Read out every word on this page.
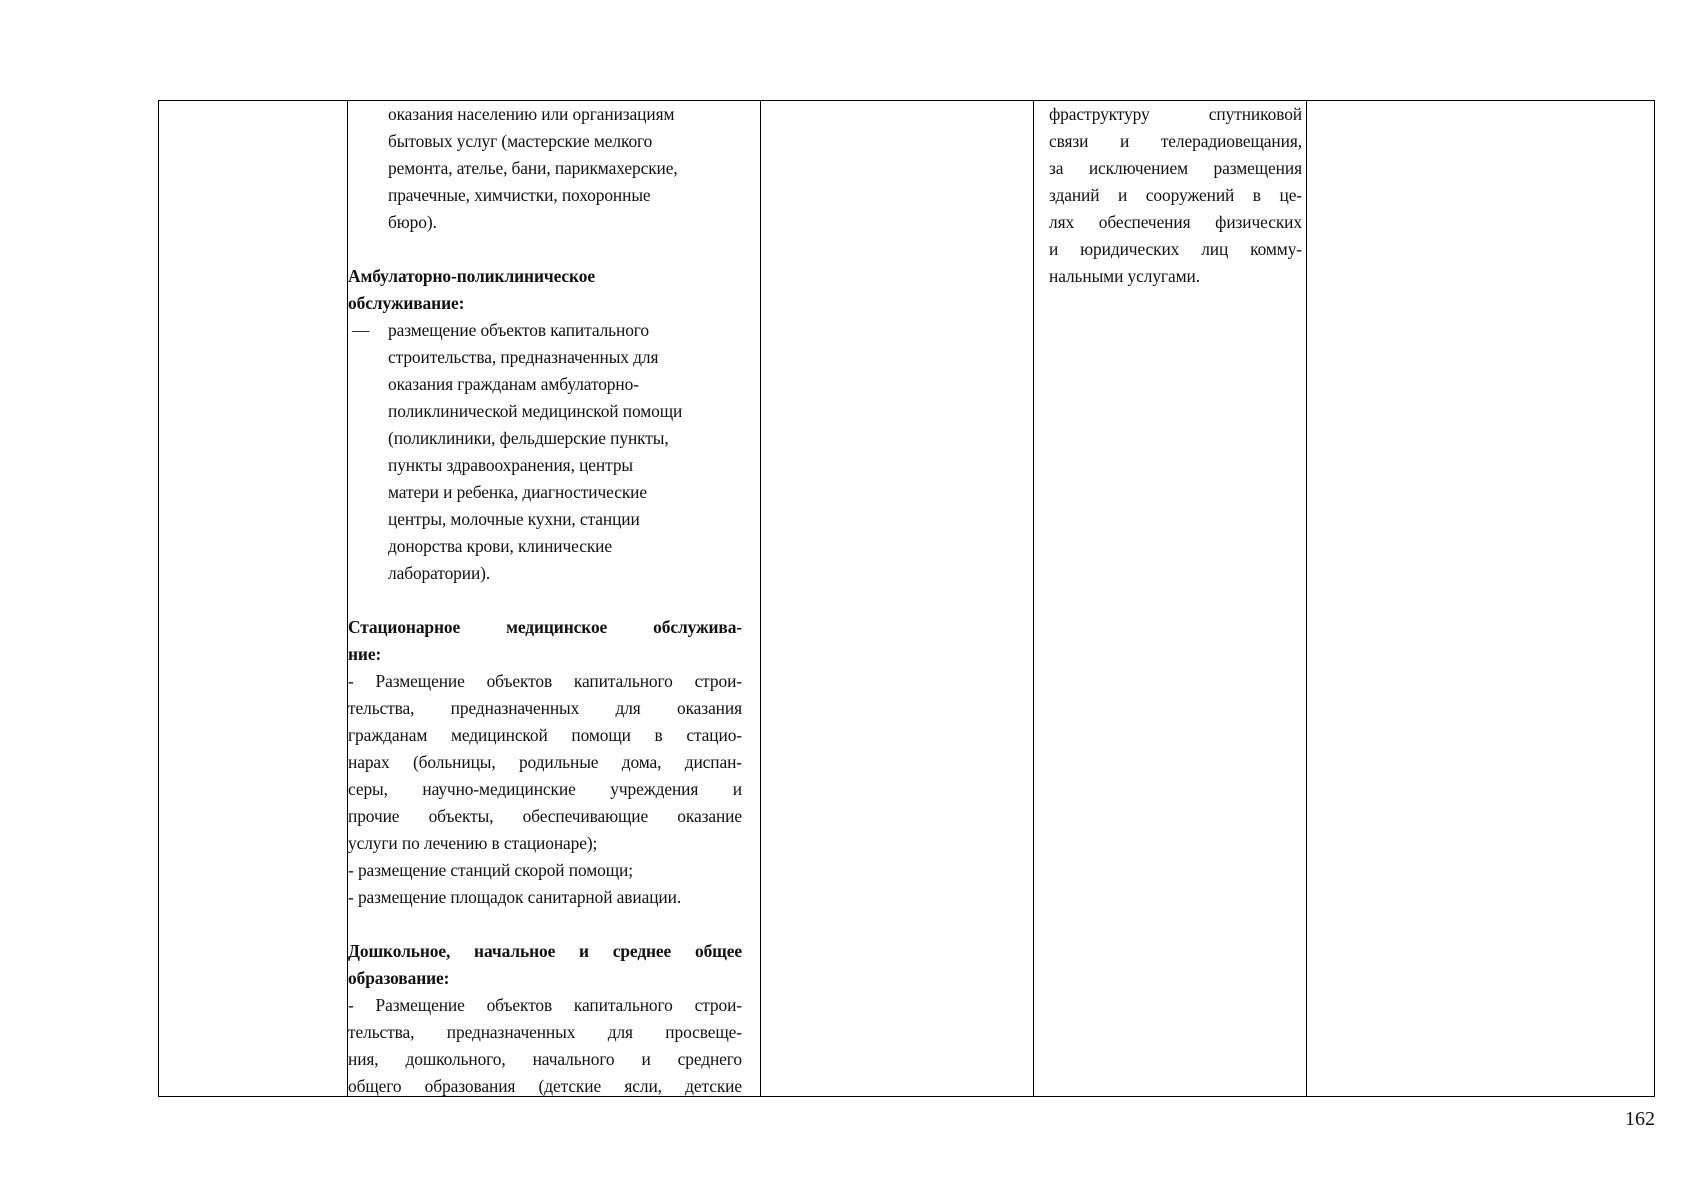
оказания населению или организациям
бытовых услуг (мастерские мелкого
ремонта, ателье, бани, парикмахерские,
прачечные, химчистки, похоронные
бюро).
Амбулаторно-поликлиническое
обслуживание:
— размещение объектов капитального
строительства, предназначенных для
оказания гражданам амбулаторно-
поликлинической медицинской помощи
(поликлиники, фельдшерские пункты,
пункты здравоохранения, центры
матери и ребенка, диагностические
центры, молочные кухни, станции
донорства крови, клинические
лаборатории).
Стационарное медицинское обслужива-
ние:
- Размещение объектов капитального строи-
тельства, предназначенных для оказания
гражданам медицинской помощи в стацио-
нарах (больницы, родильные дома, диспан-
серы, научно-медицинские учреждения и
прочие объекты, обеспечивающие оказание
услуги по лечению в стационаре);
- размещение станций скорой помощи;
- размещение площадок санитарной авиации.
Дошкольное, начальное и среднее общее
образование:
- Размещение объектов капитального строи-
тельства, предназначенных для просвеще-
ния, дошкольного, начального и среднего
общего образования (детские ясли, детские
фраструктуру спутниковой
связи и телерадиовещания,
за исключением размещения
зданий и сооружений в це-
лях обеспечения физических
и юридических лиц комму-
нальными услугами.
162
